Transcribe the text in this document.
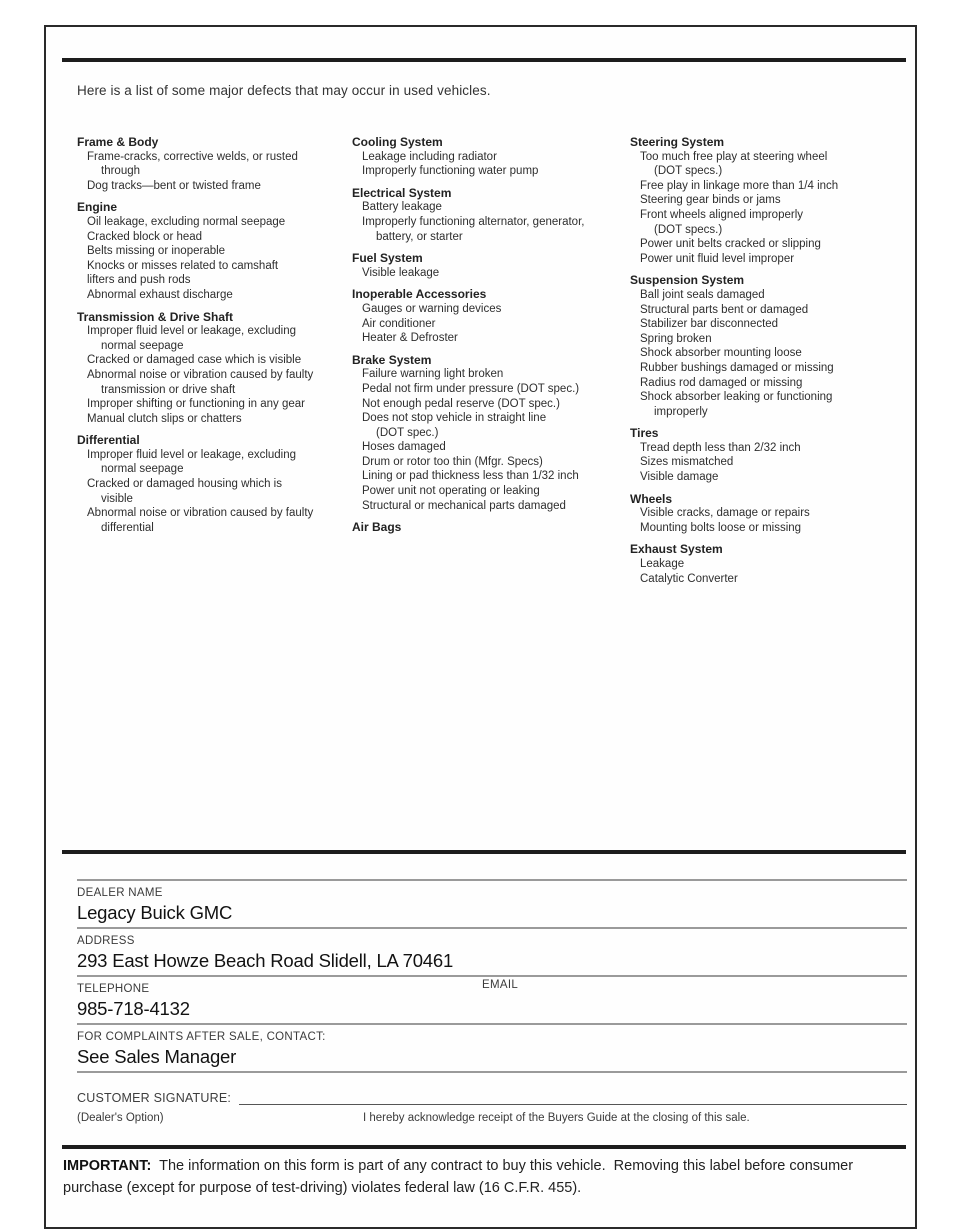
Here is a list of some major defects that may occur in used vehicles.

Frame & Body
Frame-cracks, corrective welds, or rusted
through
Dog tracks—bent or twisted frame
Engine
Oil leakage, excluding normal seepage
Cracked block or head
Belts missing or inoperable
Knocks or misses related to camshaft
lifters and push rods
Abnormal exhaust discharge
Transmission & Drive Shaft
Improper fluid level or leakage, excluding
normal seepage
Cracked or damaged case which is visible
Abnormal noise or vibration caused by faulty
transmission or drive shaft
Improper shifting or functioning in any gear
Manual clutch slips or chatters
Differential
Improper fluid level or leakage, excluding
normal seepage
Cracked or damaged housing which is
visible
Abnormal noise or vibration caused by faulty
differential
Cooling System
Leakage including radiator
Improperly functioning water pump
Electrical System
Battery leakage
Improperly functioning alternator, generator,
battery, or starter
Fuel System
Visible leakage
Inoperable Accessories
Gauges or warning devices
Air conditioner
Heater & Defroster
Brake System
Failure warning light broken
Pedal not firm under pressure (DOT spec.)
Not enough pedal reserve (DOT spec.)
Does not stop vehicle in straight line
(DOT spec.)
Hoses damaged
Drum or rotor too thin (Mfgr. Specs)
Lining or pad thickness less than 1/32 inch
Power unit not operating or leaking
Structural or mechanical parts damaged
Air Bags
Steering System
Too much free play at steering wheel
(DOT specs.)
Free play in linkage more than 1/4 inch
Steering gear binds or jams
Front wheels aligned improperly
(DOT specs.)
Power unit belts cracked or slipping
Power unit fluid level improper
Suspension System
Ball joint seals damaged
Structural parts bent or damaged
Stabilizer bar disconnected
Spring broken
Shock absorber mounting loose
Rubber bushings damaged or missing
Radius rod damaged or missing
Shock absorber leaking or functioning
improperly
Tires
Tread depth less than 2/32 inch
Sizes mismatched
Visible damage
Wheels
Visible cracks, damage or repairs
Mounting bolts loose or missing
Exhaust System
Leakage
Catalytic Converter
DEALER NAME
Legacy Buick GMC
ADDRESS
293 East Howze Beach Road Slidell, LA 70461
TELEPHONE	EMAIL
985-718-4132
FOR COMPLAINTS AFTER SALE, CONTACT:
See Sales Manager
CUSTOMER SIGNATURE:
(Dealer's Option)	I hereby acknowledge receipt of the Buyers Guide at the closing of this sale.

IMPORTANT:  The information on this form is part of any contract to buy this vehicle.  Removing this label before consumer purchase (except for purpose of test-driving) violates federal law (16 C.F.R. 455).
